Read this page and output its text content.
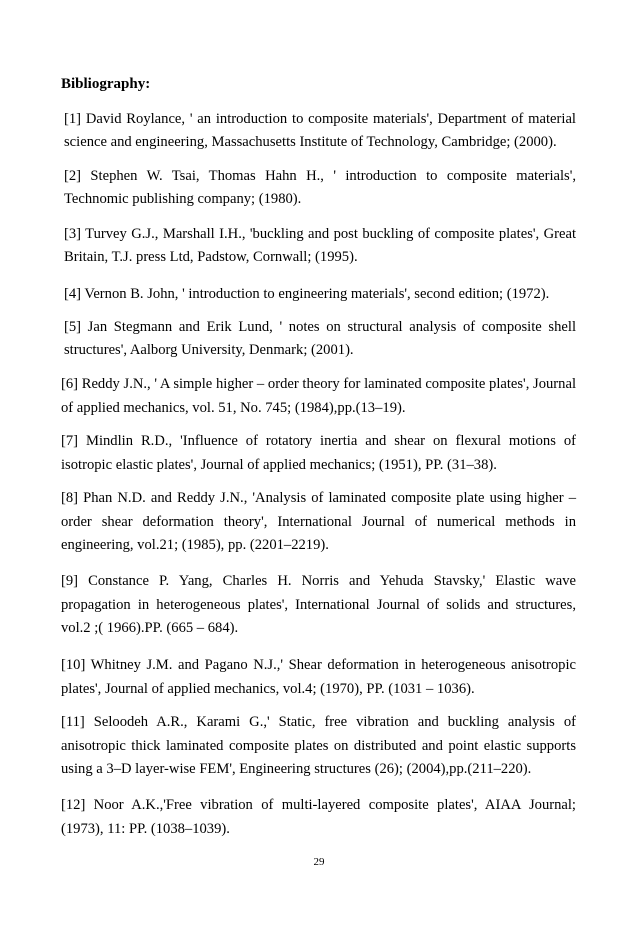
Bibliography:

[1] David Roylance, ' an introduction to composite materials', Department of material science and engineering, Massachusetts Institute of Technology, Cambridge; (2000).

[2] Stephen W. Tsai, Thomas Hahn H., ' introduction to composite materials', Technomic publishing company; (1980).

[3] Turvey G.J., Marshall I.H., 'buckling and post buckling of composite plates', Great Britain, T.J. press Ltd, Padstow, Cornwall; (1995).

[4] Vernon B. John, ' introduction to engineering materials', second edition; (1972).

[5] Jan Stegmann and Erik Lund, ' notes on structural analysis of composite shell structures', Aalborg University, Denmark; (2001).

[6] Reddy J.N., ' A simple higher – order theory for laminated composite plates', Journal of applied mechanics, vol. 51, No. 745; (1984),pp.(13–19).

[7] Mindlin R.D., 'Influence of rotatory inertia and shear on flexural motions of isotropic elastic plates', Journal of applied mechanics; (1951), PP. (31–38).

[8] Phan N.D. and Reddy J.N., 'Analysis of laminated composite plate using higher – order shear deformation theory', International Journal of numerical methods in engineering, vol.21; (1985), pp. (2201–2219).

[9] Constance P. Yang, Charles H. Norris and Yehuda Stavsky,' Elastic wave propagation in heterogeneous plates', International Journal of solids and structures, vol.2 ;( 1966).PP. (665 – 684).

[10] Whitney J.M. and Pagano N.J.,' Shear deformation in heterogeneous anisotropic plates', Journal of applied mechanics, vol.4; (1970), PP. (1031 – 1036).

[11] Seloodeh A.R., Karami G.,' Static, free vibration and buckling analysis of anisotropic thick laminated composite plates on distributed and point elastic supports using a 3–D layer-wise FEM', Engineering structures (26); (2004),pp.(211–220).

[12] Noor A.K.,'Free vibration of multi-layered composite plates', AIAA Journal; (1973), 11: PP. (1038–1039).

29
